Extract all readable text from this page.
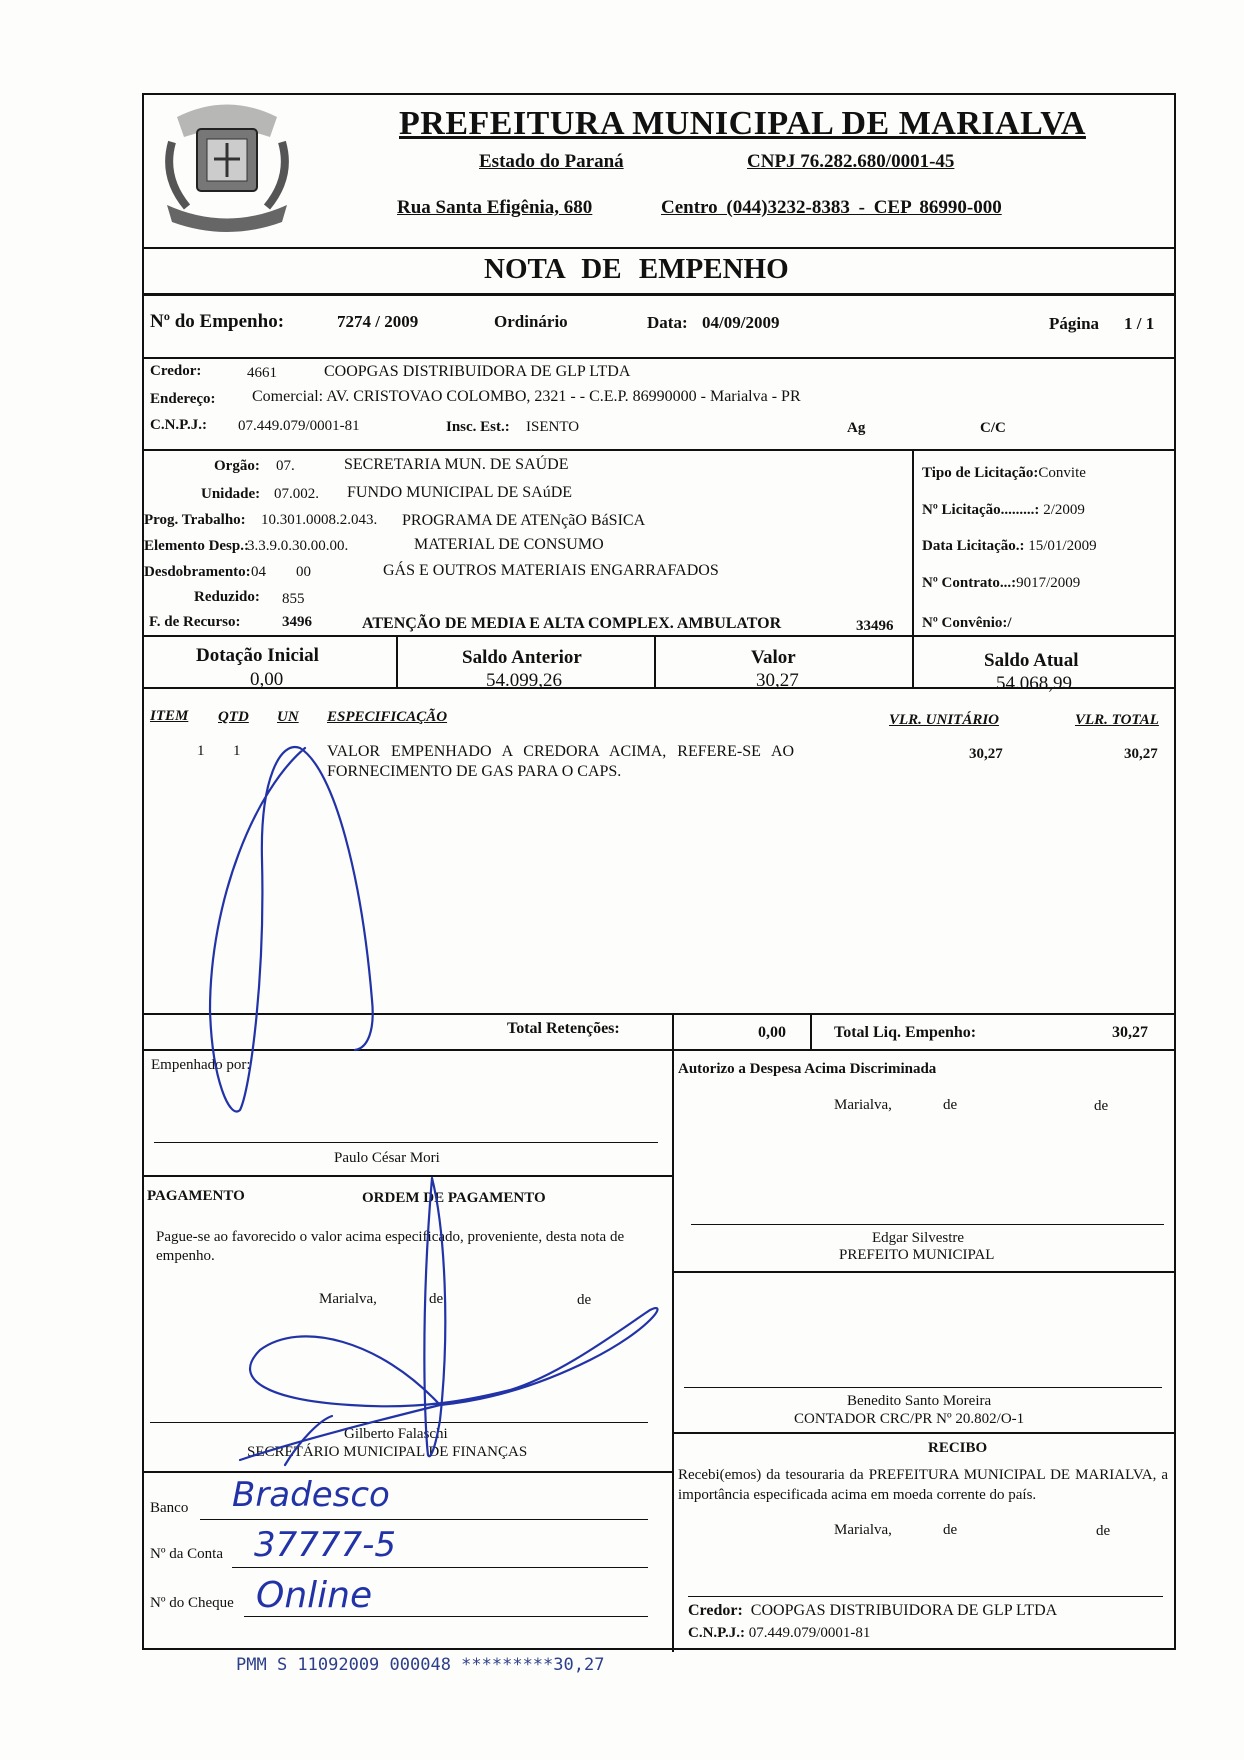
PREFEITURA MUNICIPAL DE MARIALVA
Estado do Paraná	CNPJ 76.282.680/0001-45
Rua Santa Efigênia, 680	Centro (044)3232-8383 - CEP 86990-000
NOTA DE EMPENHO
Nº do Empenho:	7274 / 2009	Ordinário	Data: 04/09/2009	Página 1 / 1
Credor:	4661	COOPGAS DISTRIBUIDORA DE GLP LTDA
Endereço: Comercial: AV. CRISTOVAO COLOMBO, 2321 - - C.E.P. 86990000 - Marialva - PR
C.N.P.J.: 07.449.079/0001-81	Insc. Est.: ISENTO	Ag	C/C
Orgão: 07.	SECRETARIA MUN. DE SAÚDE
Unidade: 07.002. FUNDO MUNICIPAL DE SAúDE
Prog. Trabalho: 10.301.0008.2.043. PROGRAMA DE ATENçãO BáSICA
Elemento Desp.:
3.3.9.0.30.00.00.	MATERIAL DE CONSUMO
Desdobramento: 04 00	GÁS E OUTROS MATERIAIS ENGARRAFADOS
Reduzido: 855
F. de Recurso:	3496	ATENÇÃO DE MEDIA E ALTA COMPLEX. AMBULATOR	33496
Tipo de Licitação:Convite
Nº Licitação.........: 2/2009
Data Licitação.: 15/01/2009
Nº Contrato...:9017/2009
Nº Convênio:/
Dotação Inicial
0,00
Saldo Anterior
54.099,26
Valor
30,27
Saldo Atual
54.068,99
ITEM QTD UN ESPECIFICAÇÃO	VLR. UNITÁRIO	VLR. TOTAL
1 1	VALOR EMPENHADO A CREDORA ACIMA, REFERE-SE AO
FORNECIMENTO DE GAS PARA O CAPS.
30,27	30,27
Total Retenções:	0,00	Total Liq. Empenho:	30,27
Empenhado por:
Paulo César Mori
Autorizo a Despesa Acima Discriminada
Marialva,	de	de
Edgar Silvestre
PREFEITO MUNICIPAL
PAGAMENTO	ORDEM DE PAGAMENTO
Pague-se ao favorecido o valor acima especificado, proveniente, desta nota de empenho.
Marialva,	de	de
Gilberto Falaschi
SECRETÁRIO MUNICIPAL DE FINANÇAS
Benedito Santo Moreira
CONTADOR CRC/PR Nº 20.802/O-1
RECIBO
Recebi(emos) da tesouraria da PREFEITURA MUNICIPAL DE MARIALVA, a importância especificada acima em moeda corrente do país.
Marialva,	de	de
Credor: COOPGAS DISTRIBUIDORA DE GLP LTDA
C.N.P.J.: 07.449.079/0001-81
Banco Bradesco
Nº da Conta 37777-5
Nº do Cheque Online
PMM S 11092009 000048 *********30,27
